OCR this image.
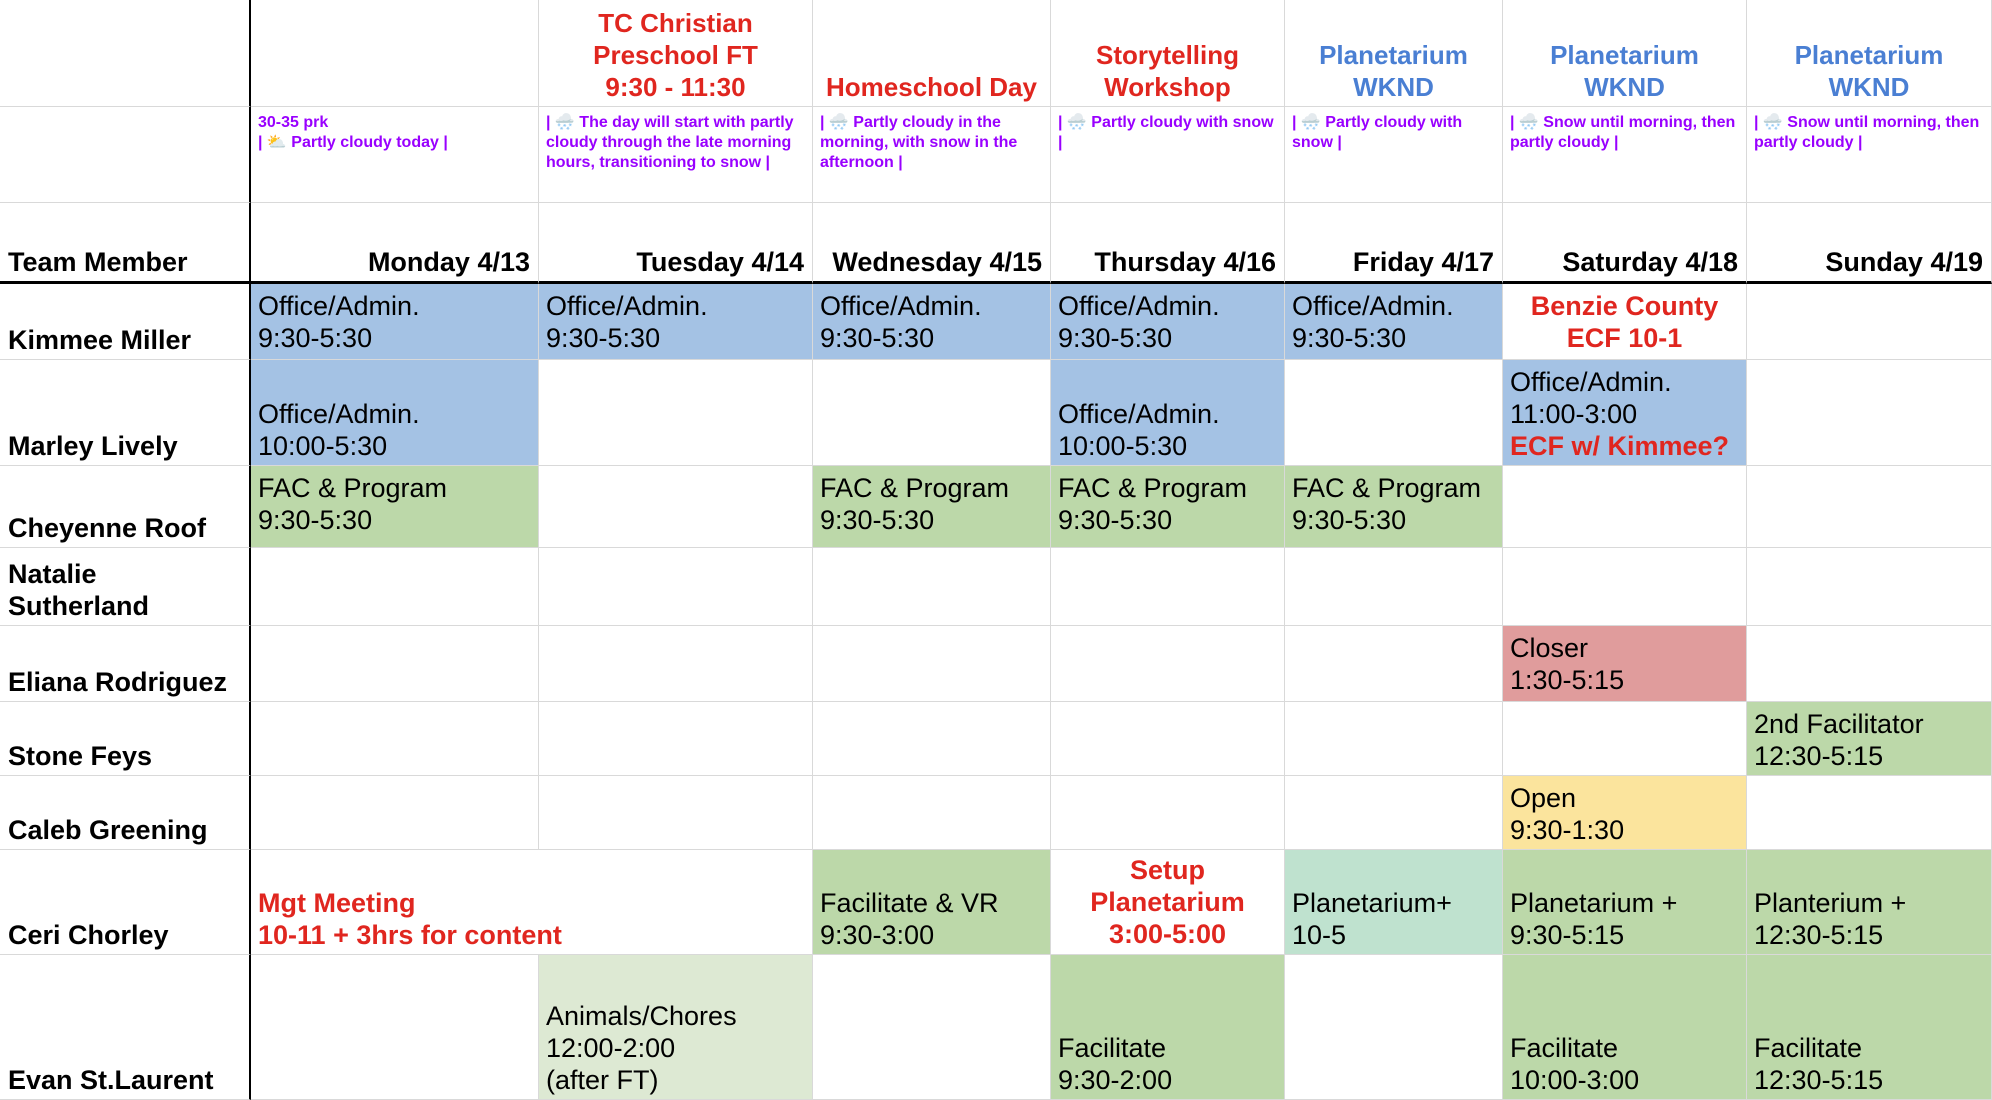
Team Member
30-35 prk
| ⛅ Partly cloudy today |
Monday 4/13
TC Christian
Preschool FT
9:30 - 11:30
| 🌨️ The day will start with partly cloudy through the late morning hours, transitioning to snow |
Tuesday 4/14
Homeschool Day
| 🌨️ Partly cloudy in the morning, with snow in the afternoon |
Wednesday 4/15
Storytelling
Workshop
| 🌨️ Partly cloudy with snow |
Thursday 4/16
Planetarium
WKND
| 🌨️ Partly cloudy with snow |
Friday 4/17
Planetarium
WKND
| 🌨️ Snow until morning, then partly cloudy |
Saturday 4/18
Planetarium
WKND
| 🌨️ Snow until morning, then partly cloudy |
Sunday 4/19
Kimmee Miller
Office/Admin.
9:30-5:30
Office/Admin.
9:30-5:30
Office/Admin.
9:30-5:30
Office/Admin.
9:30-5:30
Office/Admin.
9:30-5:30
Benzie County
ECF 10-1
Marley Lively
Office/Admin.
10:00-5:30
Office/Admin.
10:00-5:30
Office/Admin.
11:00-3:00
ECF w/ Kimmee?
Cheyenne Roof
FAC & Program
9:30-5:30
FAC & Program
9:30-5:30
FAC & Program
9:30-5:30
FAC & Program
9:30-5:30
Natalie Sutherland
Eliana Rodriguez
Closer
1:30-5:15
Stone Feys
2nd Facilitator
12:30-5:15
Caleb Greening
Open
9:30-1:30
Ceri Chorley
Mgt Meeting
10-11 + 3hrs for content
Facilitate & VR
9:30-3:00
Setup
Planetarium
3:00-5:00
Planetarium+
10-5
Planetarium +
9:30-5:15
Planterium +
12:30-5:15
Evan St.Laurent
Animals/Chores
12:00-2:00
(after FT)
Facilitate
9:30-2:00
Facilitate
10:00-3:00
Facilitate
12:30-5:15
